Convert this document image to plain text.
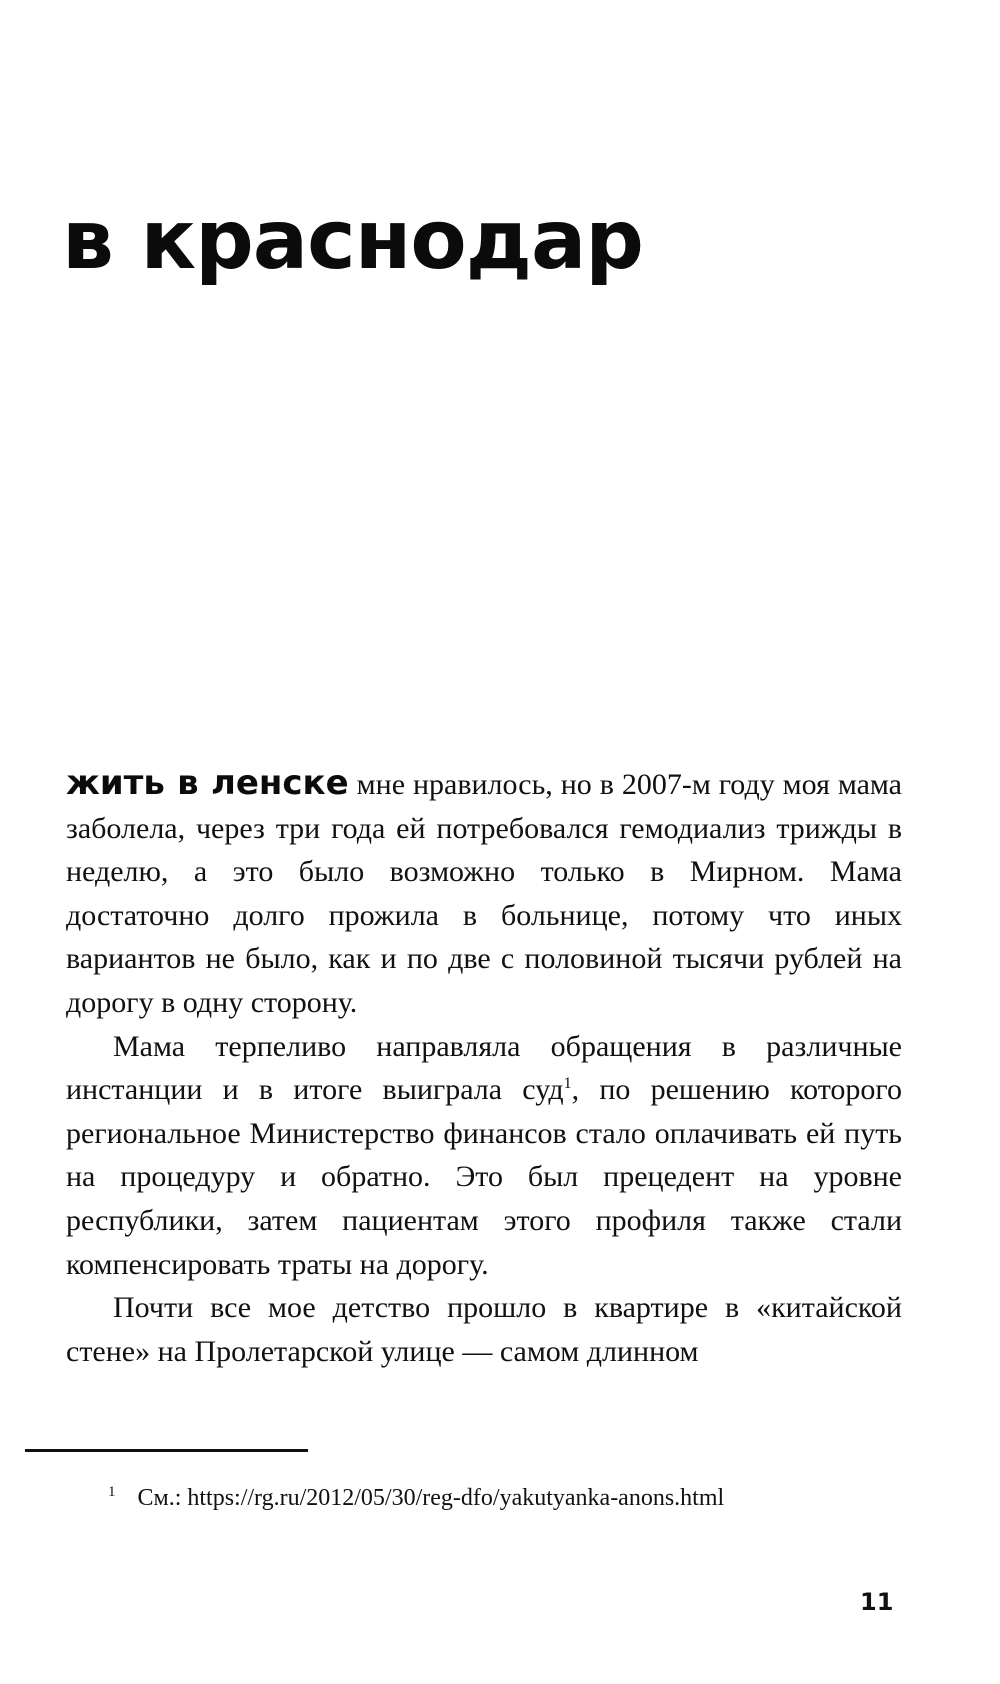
в краснодар

жить в ленске мне нравилось, но в 2007-м году моя мама заболела, через три года ей потребовался гемодиализ трижды в неделю, а это было возможно только в Мирном. Мама достаточно долго прожила в больнице, потому что иных вариантов не было, как и по две с половиной тысячи рублей на дорогу в одну сторону.

Мама терпеливо направляла обращения в различные инстанции и в итоге выиграла суд$^1$, по решению которого региональное Министерство финансов стало оплачивать ей путь на процедуру и обратно. Это был прецедент на уровне республики, затем пациентам этого профиля также стали компенсировать траты на дорогу.

Почти все мое детство прошло в квартире в «китайской стене» на Пролетарской улице — самом длинном

$^1$ См.: https://rg.ru/2012/05/30/reg-dfo/yakutyanka-anons.html
11
